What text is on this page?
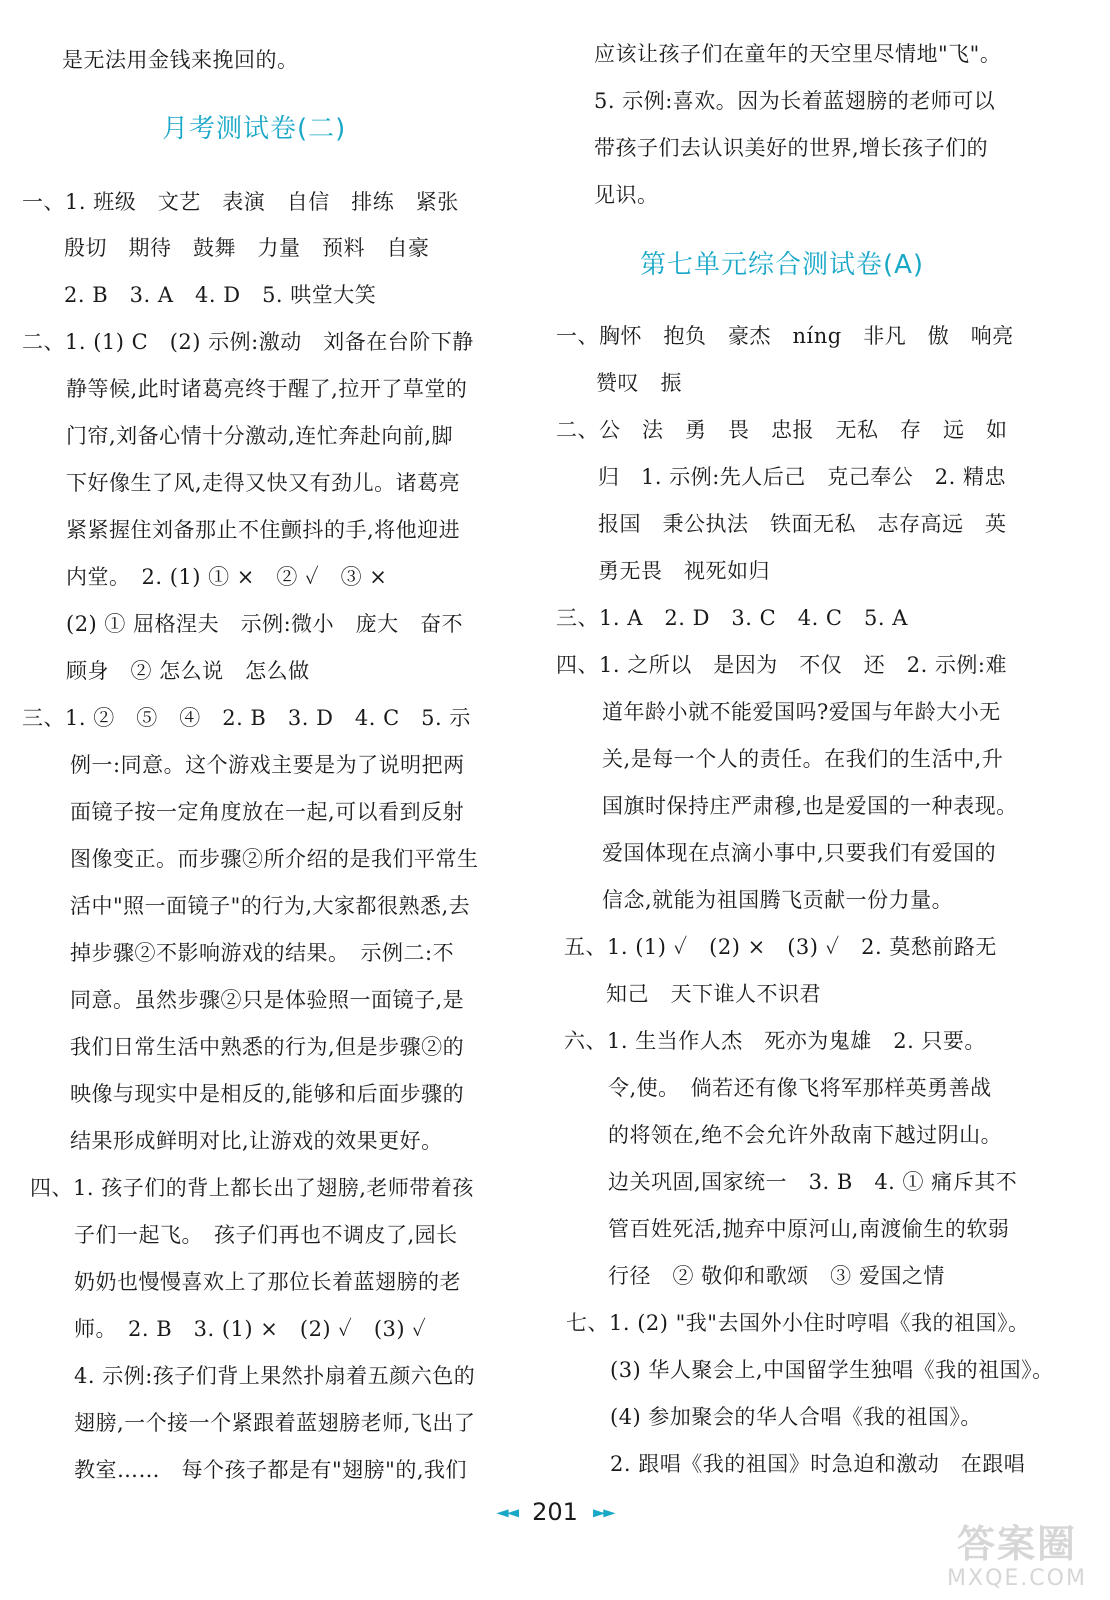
是无法用金钱来挽回的。
月考测试卷(二)
一、1. 班级　文艺　表演　自信　排练　紧张
殷切　期待　鼓舞　力量　预料　自豪
2. B　3. A　4. D　5. 哄堂大笑
二、1. (1) C　(2) 示例:激动　刘备在台阶下静
静等候,此时诸葛亮终于醒了,拉开了草堂的
门帘,刘备心情十分激动,连忙奔赴向前,脚
下好像生了风,走得又快又有劲儿。诸葛亮
紧紧握住刘备那止不住颤抖的手,将他迎进
内堂。　2. (1) ① ×　② ✓　③ ×
(2) ① 屈格涅夫　示例:微小　庞大　奋不
顾身　② 怎么说　怎么做
三、1. ②　⑤　④　2. B　3. D　4. C　5. 示
例一:同意。这个游戏主要是为了说明把两
面镜子按一定角度放在一起,可以看到反射
图像变正。而步骤②所介绍的是我们平常生
活中"照一面镜子"的行为,大家都很熟悉,去
掉步骤②不影响游戏的结果。　示例二:不
同意。虽然步骤②只是体验照一面镜子,是
我们日常生活中熟悉的行为,但是步骤②的
映像与现实中是相反的,能够和后面步骤的
结果形成鲜明对比,让游戏的效果更好。
四、1. 孩子们的背上都长出了翅膀,老师带着孩
子们一起飞。　孩子们再也不调皮了,园长
奶奶也慢慢喜欢上了那位长着蓝翅膀的老
师。　2. B　3. (1) ×　(2) ✓　(3) ✓
4. 示例:孩子们背上果然扑扇着五颜六色的
翅膀,一个接一个紧跟着蓝翅膀老师,飞出了
教室……　每个孩子都是有"翅膀"的,我们
应该让孩子们在童年的天空里尽情地"飞"。
5. 示例:喜欢。因为长着蓝翅膀的老师可以
带孩子们去认识美好的世界,增长孩子们的
见识。
第七单元综合测试卷(A)
一、胸怀　抱负　豪杰　níng　非凡　傲　响亮
赞叹　振
二、公　法　勇　畏　忠报　无私　存　远　如
归　1. 示例:先人后己　克己奉公　2. 精忠
报国　秉公执法　铁面无私　志存高远　英
勇无畏　视死如归
三、1. A　2. D　3. C　4. C　5. A
四、1. 之所以　是因为　不仅　还　2. 示例:难
道年龄小就不能爱国吗?爱国与年龄大小无
关,是每一个人的责任。在我们的生活中,升
国旗时保持庄严肃穆,也是爱国的一种表现。
爱国体现在点滴小事中,只要我们有爱国的
信念,就能为祖国腾飞贡献一份力量。
五、1. (1) ✓　(2) ×　(3) ✓　2. 莫愁前路无
知己　天下谁人不识君
六、1. 生当作人杰　死亦为鬼雄　2. 只要。
令,使。　倘若还有像飞将军那样英勇善战
的将领在,绝不会允许外敌南下越过阴山。
边关巩固,国家统一　3. B　4. ① 痛斥其不
管百姓死活,抛弃中原河山,南渡偷生的软弱
行径　② 敬仰和歌颂　③ 爱国之情
七、1. (2) "我"去国外小住时哼唱《我的祖国》。
(3) 华人聚会上,中国留学生独唱《我的祖国》。
(4) 参加聚会的华人合唱《我的祖国》。
2. 跟唱《我的祖国》时急迫和激动　在跟唱
◄◄ 201 ►►
答案圈
MXQE.COM
